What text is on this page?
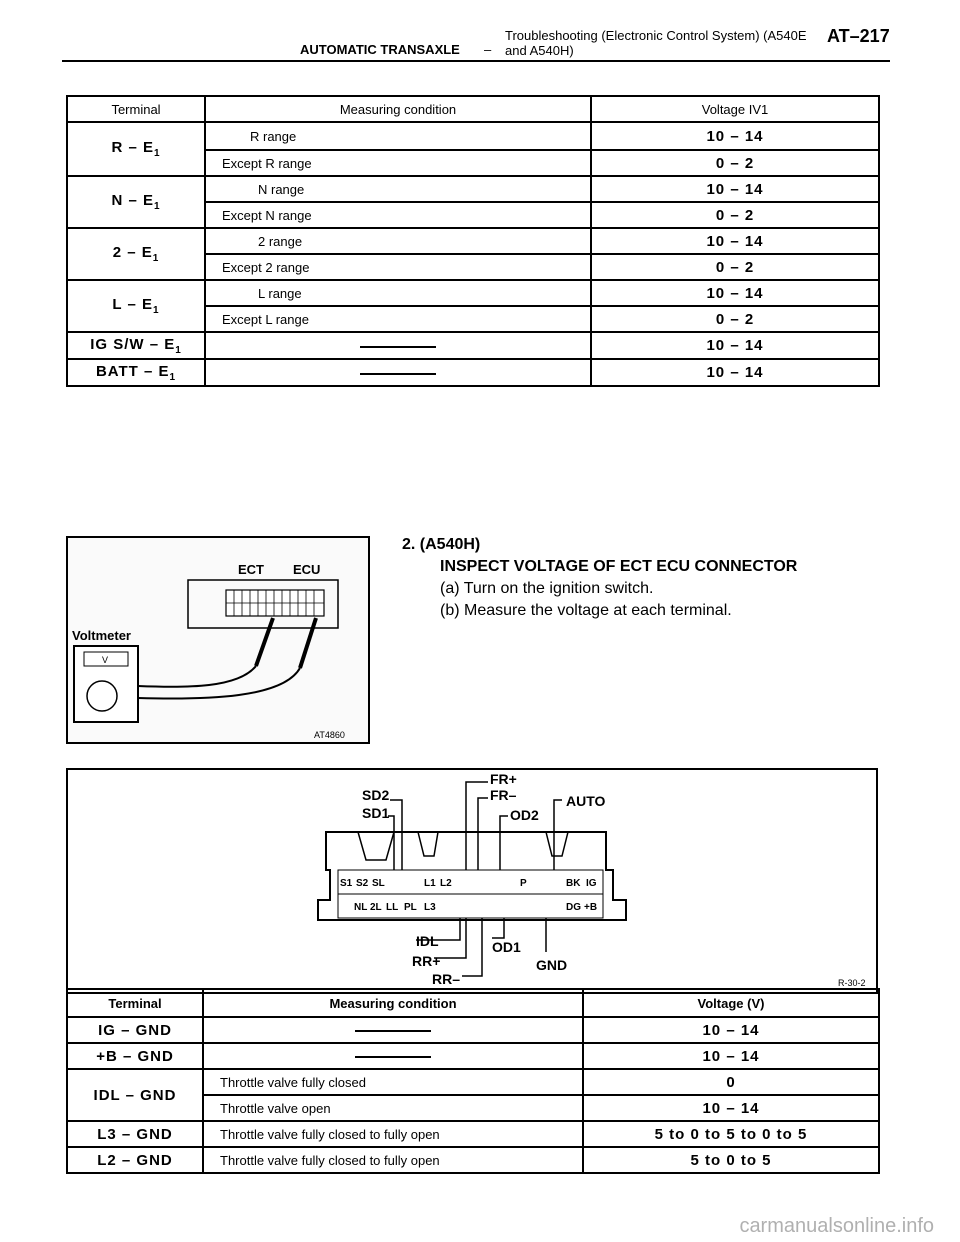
AUTOMATIC TRANSAXLE –
Troubleshooting (Electronic Control System) (A540E and A540H)
AT–217
Terminal	Measuring condition	Voltage IV1
R – $E_1$	R range	10 – 14
	Except R range	0 – 2
N – $E_1$	N range	10 – 14
	Except N range	0 – 2
$2 - E_1$	2 range	10 – 14
	Except 2 range	0 – 2
L – $E_1$	L range	10 – 14
	Except L range	0 – 2
IG $S/W - E_1$		10 – 14
BATT – $E_1$		10 – 14
ECT ECU
Voltmeter
V
AT4860
2. (A540H)
INSPECT VOLTAGE OF ECT ECU CONNECTOR
(a) Turn on the ignition switch.
(b) Measure the voltage at each terminal.
S1 S2 SL	L1 L2	P	BK IG
NL 2L LL PL L3	DG +B
SD2
SD1
FR+
FR–
OD2
AUTO
IDL
RR+
RR–
OD1
GND
R-30-2
Terminal	Measuring condition	Voltage (V)
IG – GND		10 – 14
+B – GND		10 – 14
IDL – GND	Throttle valve fully closed	0
	Throttle valve open	10 – 14
L3 – GND	Throttle valve fully closed to fully open	5 to 0 to 5 to 0 to 5
L2 – GND	Throttle valve fully closed to fully open	5 to 0 to 5
carmanualsonline.info
